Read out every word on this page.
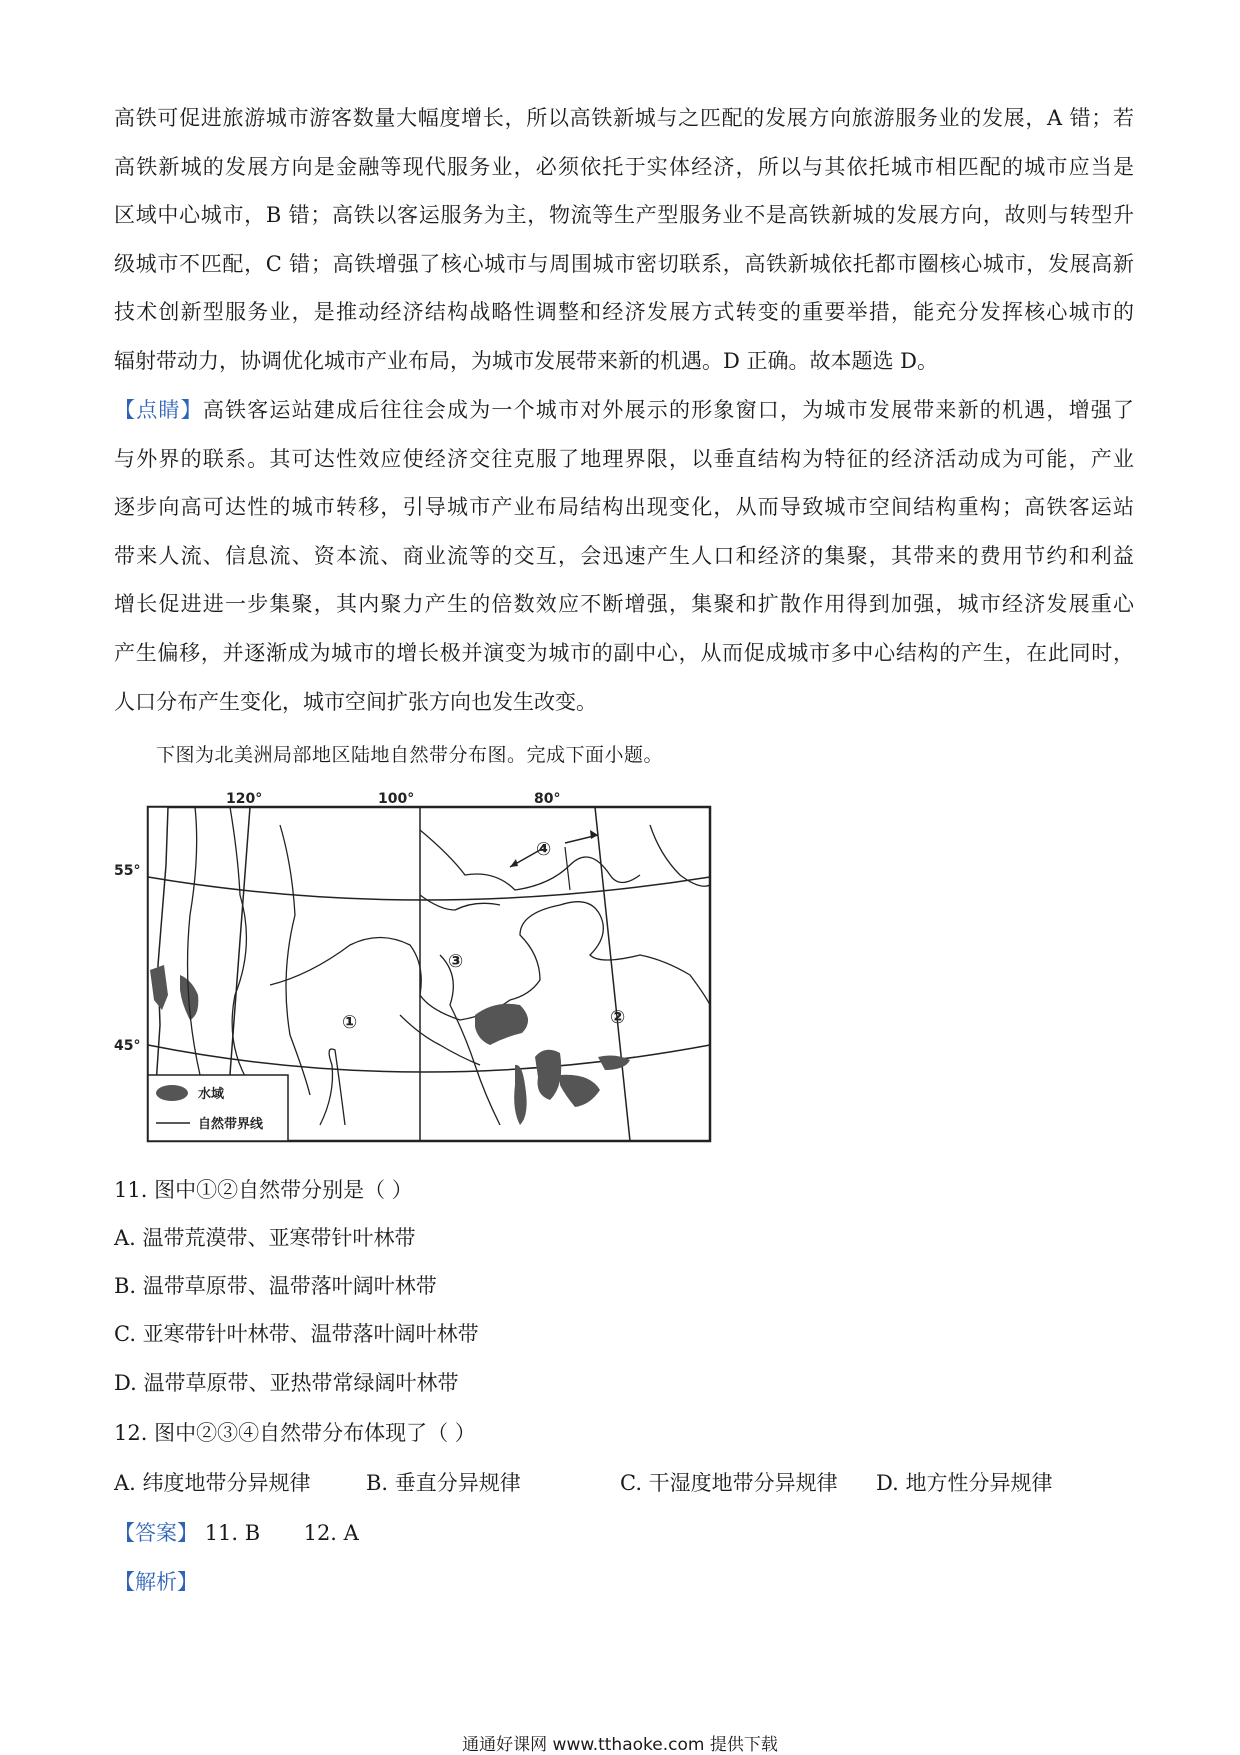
高铁可促进旅游城市游客数量大幅度增长，所以高铁新城与之匹配的发展方向旅游服务业的发展，A 错；若
高铁新城的发展方向是金融等现代服务业，必须依托于实体经济，所以与其依托城市相匹配的城市应当是
区域中心城市，B 错；高铁以客运服务为主，物流等生产型服务业不是高铁新城的发展方向，故则与转型升
级城市不匹配，C 错；高铁增强了核心城市与周围城市密切联系，高铁新城依托都市圈核心城市，发展高新
技术创新型服务业，是推动经济结构战略性调整和经济发展方式转变的重要举措，能充分发挥核心城市的
辐射带动力，协调优化城市产业布局，为城市发展带来新的机遇。D 正确。故本题选 D。
【点睛】高铁客运站建成后往往会成为一个城市对外展示的形象窗口，为城市发展带来新的机遇，增强了
与外界的联系。其可达性效应使经济交往克服了地理界限，以垂直结构为特征的经济活动成为可能，产业
逐步向高可达性的城市转移，引导城市产业布局结构出现变化，从而导致城市空间结构重构；高铁客运站
带来人流、信息流、资本流、商业流等的交互，会迅速产生人口和经济的集聚，其带来的费用节约和利益
增长促进进一步集聚，其内聚力产生的倍数效应不断增强，集聚和扩散作用得到加强，城市经济发展重心
产生偏移，并逐渐成为城市的增长极并演变为城市的副中心，从而促成城市多中心结构的产生，在此同时，
人口分布产生变化，城市空间扩张方向也发生改变。
下图为北美洲局部地区陆地自然带分布图。完成下面小题。
①	②
③
④
120°	100°	80°
55°
45°
水域
自然带界线
11. 图中①②自然带分别是（ ）
A. 温带荒漠带、亚寒带针叶林带
B. 温带草原带、温带落叶阔叶林带
C. 亚寒带针叶林带、温带落叶阔叶林带
D. 温带草原带、亚热带常绿阔叶林带
12. 图中②③④自然带分布体现了（ ）
A. 纬度地带分异规律	B. 垂直分异规律	C. 干湿度地带分异规律 D. 地方性分异规律
【答案】 11. B 12. A
【解析】
通通好课网 www.tthaoke.com 提供下载
